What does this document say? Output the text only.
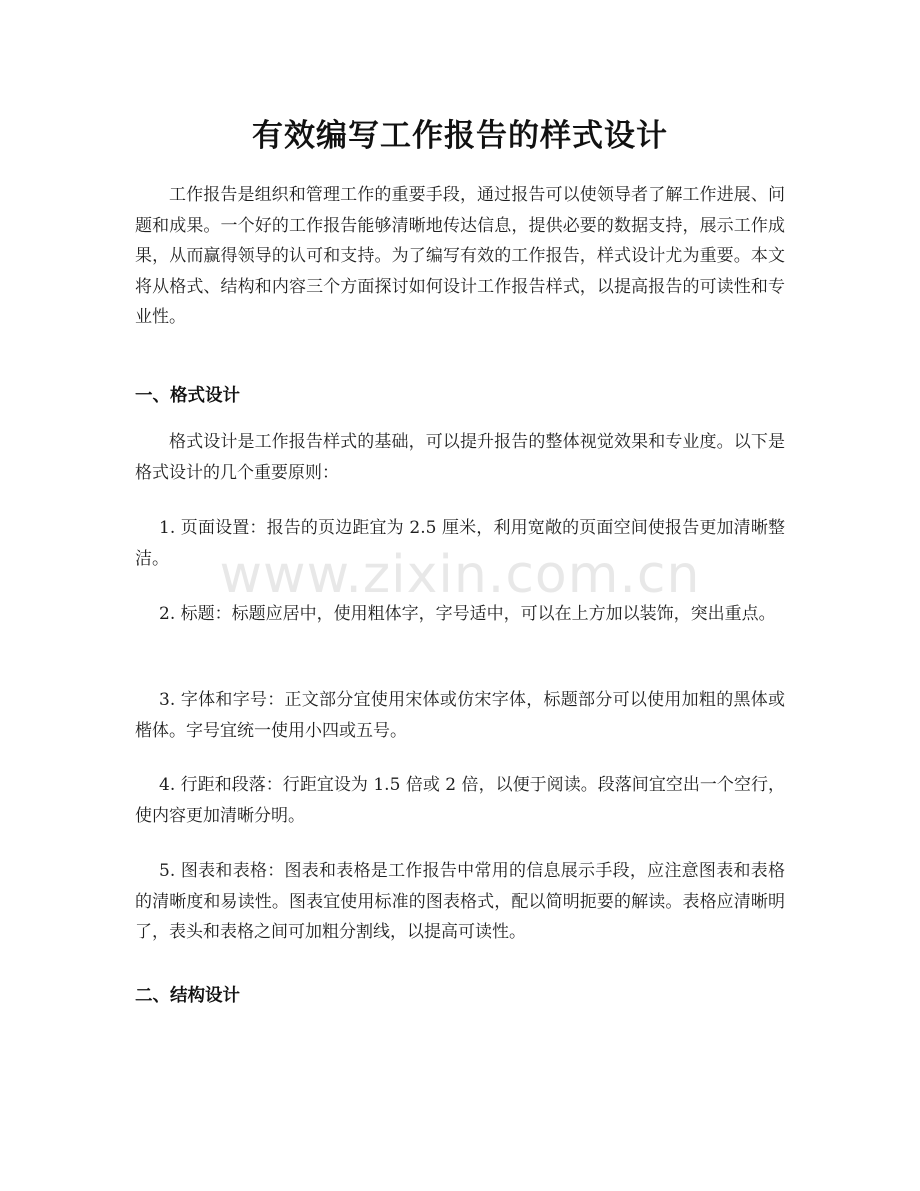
有效编写工作报告的样式设计

工作报告是组织和管理工作的重要手段，通过报告可以使领导者了解工作进展、问题和成果。一个好的工作报告能够清晰地传达信息，提供必要的数据支持，展示工作成果，从而赢得领导的认可和支持。为了编写有效的工作报告，样式设计尤为重要。本文将从格式、结构和内容三个方面探讨如何设计工作报告样式，以提高报告的可读性和专业性。

一、格式设计

格式设计是工作报告样式的基础，可以提升报告的整体视觉效果和专业度。以下是格式设计的几个重要原则：

1. 页面设置：报告的页边距宜为 2.5 厘米，利用宽敞的页面空间使报告更加清晰整洁。

2. 标题：标题应居中，使用粗体字，字号适中，可以在上方加以装饰，突出重点。

3. 字体和字号：正文部分宜使用宋体或仿宋字体，标题部分可以使用加粗的黑体或楷体。字号宜统一使用小四或五号。

4. 行距和段落：行距宜设为 1.5 倍或 2 倍，以便于阅读。段落间宜空出一个空行，使内容更加清晰分明。

5. 图表和表格：图表和表格是工作报告中常用的信息展示手段，应注意图表和表格的清晰度和易读性。图表宜使用标准的图表格式，配以简明扼要的解读。表格应清晰明了，表头和表格之间可加粗分割线，以提高可读性。

二、结构设计
www.zixin.com.cn
